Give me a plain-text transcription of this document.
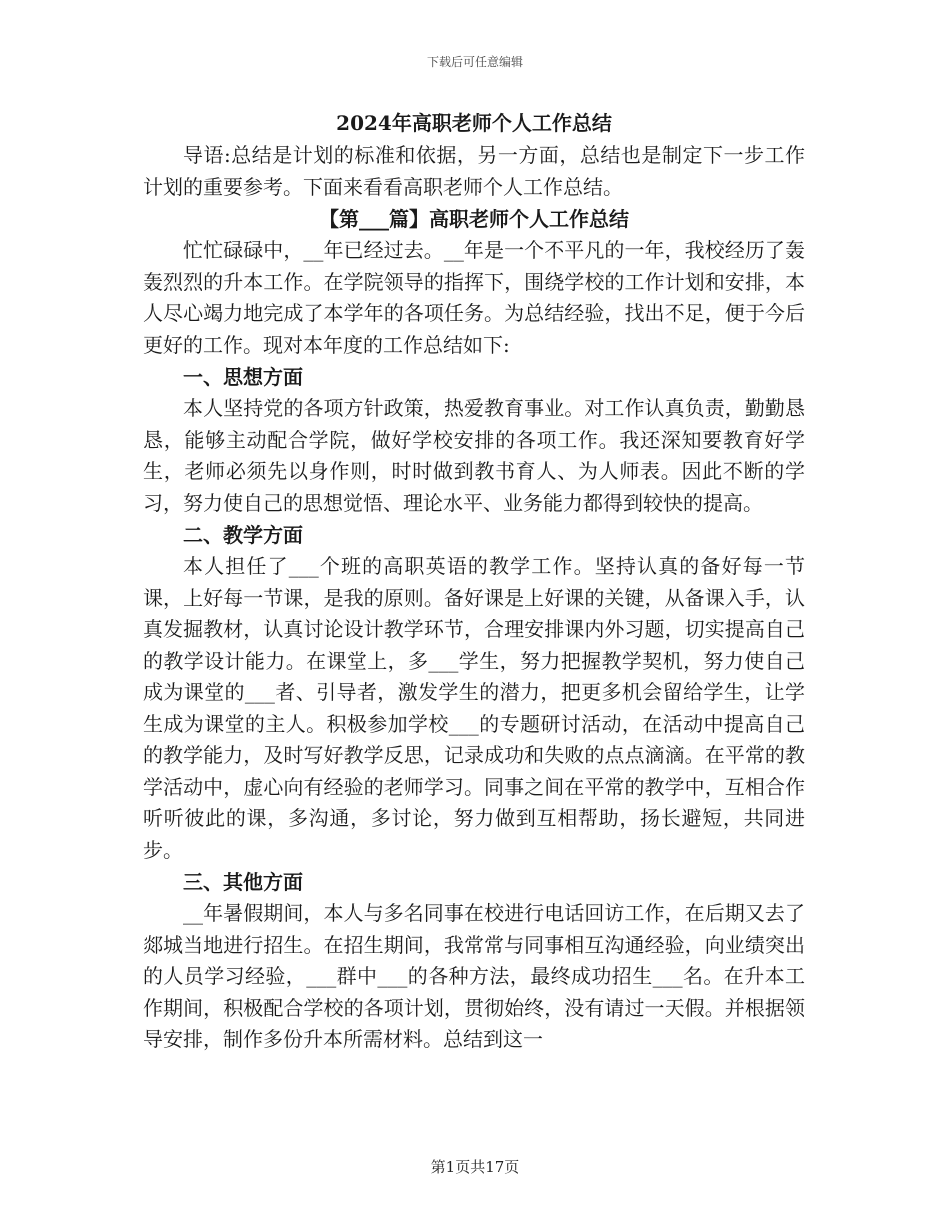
下载后可任意编辑
2024年高职老师个人工作总结

导语:总结是计划的标准和依据，另一方面，总结也是制定下一步工作计划的重要参考。下面来看看高职老师个人工作总结。

【第___篇】高职老师个人工作总结

忙忙碌碌中，__年已经过去。__年是一个不平凡的一年，我校经历了轰轰烈烈的升本工作。在学院领导的指挥下，围绕学校的工作计划和安排，本人尽心竭力地完成了本学年的各项任务。为总结经验，找出不足，便于今后更好的工作。现对本年度的工作总结如下:

一、思想方面

本人坚持党的各项方针政策，热爱教育事业。对工作认真负责，勤勤恳恳，能够主动配合学院，做好学校安排的各项工作。我还深知要教育好学生，老师必须先以身作则，时时做到教书育人、为人师表。因此不断的学习，努力使自己的思想觉悟、理论水平、业务能力都得到较快的提高。

二、教学方面

本人担任了___个班的高职英语的教学工作。坚持认真的备好每一节课，上好每一节课，是我的原则。备好课是上好课的关键，从备课入手，认真发掘教材，认真讨论设计教学环节，合理安排课内外习题，切实提高自己的教学设计能力。在课堂上，多___学生，努力把握教学契机，努力使自己成为课堂的___者、引导者，激发学生的潜力，把更多机会留给学生，让学生成为课堂的主人。积极参加学校___的专题研讨活动，在活动中提高自己的教学能力，及时写好教学反思，记录成功和失败的点点滴滴。在平常的教学活动中，虚心向有经验的老师学习。同事之间在平常的教学中，互相合作听听彼此的课，多沟通，多讨论，努力做到互相帮助，扬长避短，共同进步。

三、其他方面

__年暑假期间，本人与多名同事在校进行电话回访工作，在后期又去了郯城当地进行招生。在招生期间，我常常与同事相互沟通经验，向业绩突出的人员学习经验，___群中___的各种方法，最终成功招生___名。在升本工作期间，积极配合学校的各项计划，贯彻始终，没有请过一天假。并根据领导安排，制作多份升本所需材料。总结到这一

第1页共17页
